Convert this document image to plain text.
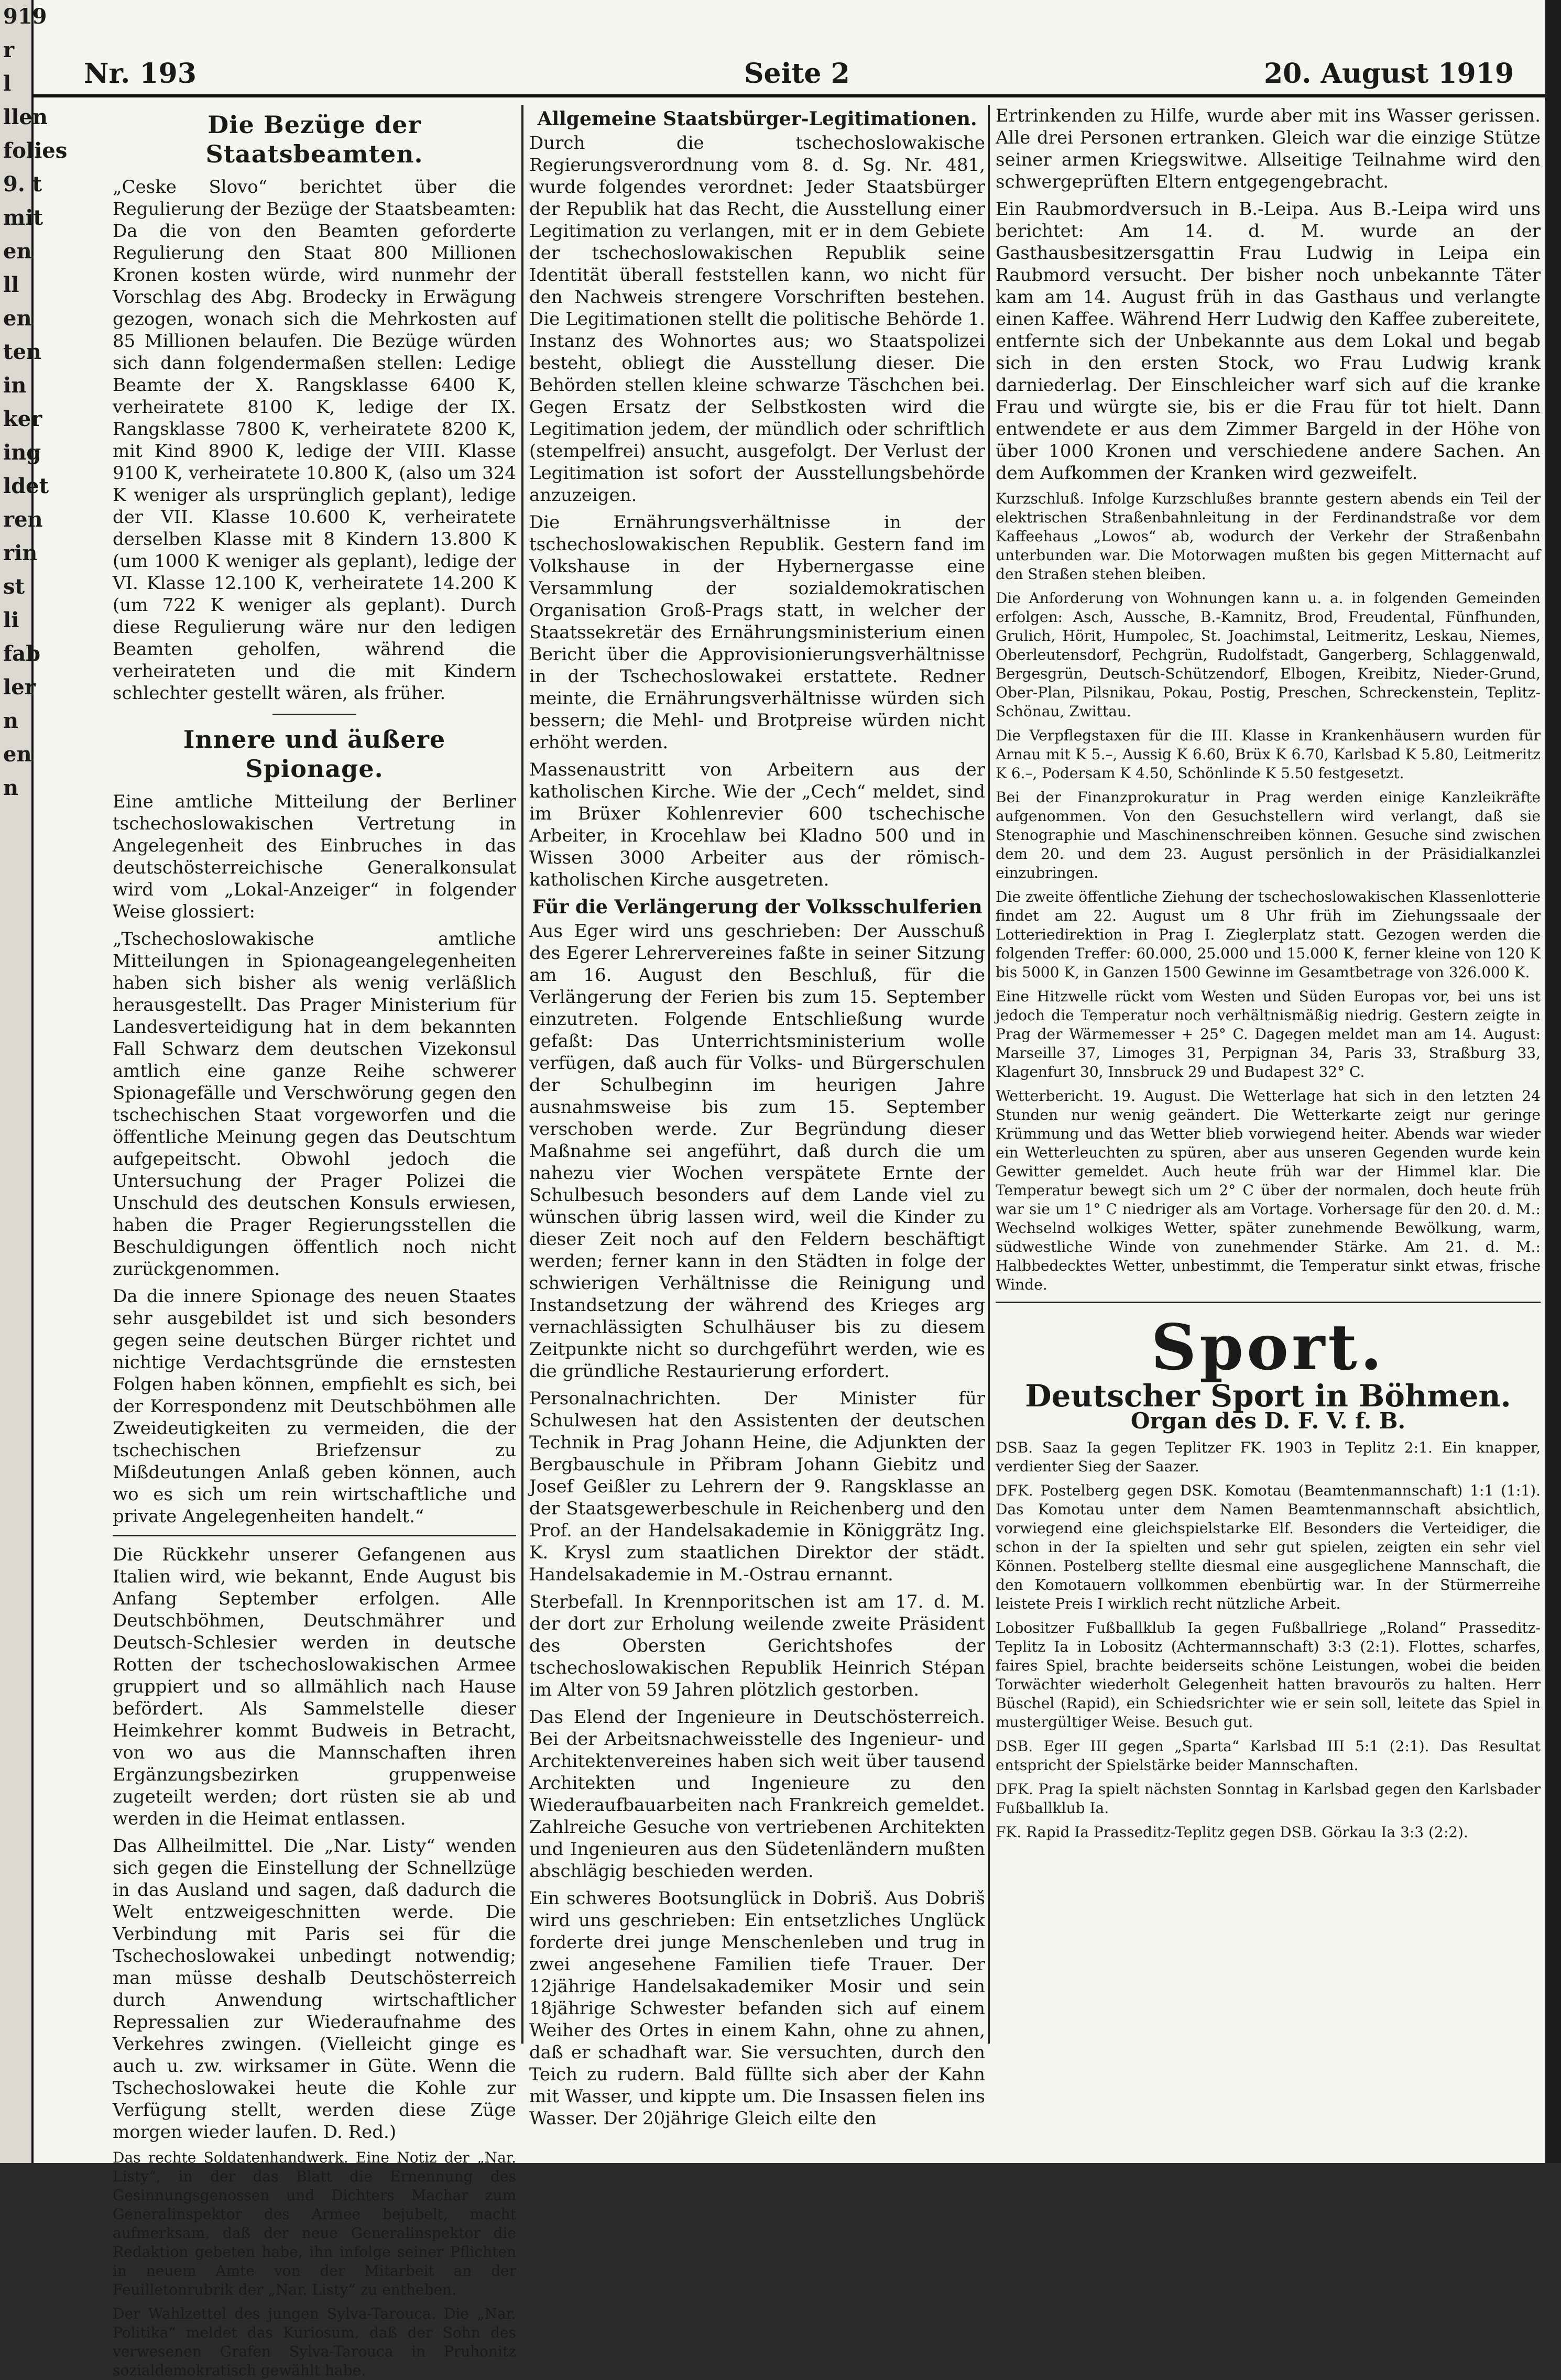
919
r
l
llen
folies
9. t
mit
en
ll
en
ten
in
ker
ing
ldet
ren
rin
st
li
fab
ler
n
en
n
Nr. 193	Seite 2	20. August 1919
Die Bezüge der Staatsbeamten.

„Ceske Slovo“ berichtet über die Regulierung der Bezüge der Staatsbeamten: Da die von den Beamten geforderte Regulierung den Staat 800 Millionen Kronen kosten würde, wird nunmehr der Vorschlag des Abg. Brodecky in Erwägung gezogen, wonach sich die Mehrkosten auf 85 Millionen belaufen. Die Bezüge würden sich dann folgendermaßen stellen: Ledige Beamte der X. Rangsklasse 6400 K, verheiratete 8100 K, ledige der IX. Rangsklasse 7800 K, verheiratete 8200 K, mit Kind 8900 K, ledige der VIII. Klasse 9100 K, verheiratete 10.800 K, (also um 324 K weniger als ursprünglich geplant), ledige der VII. Klasse 10.600 K, verheiratete derselben Klasse mit 8 Kindern 13.800 K (um 1000 K weniger als geplant), ledige der VI. Klasse 12.100 K, verheiratete 14.200 K (um 722 K weniger als geplant). Durch diese Regulierung wäre nur den ledigen Beamten geholfen, während die verheirateten und die mit Kindern schlechter gestellt wären, als früher.

Innere und äußere Spionage.

Eine amtliche Mitteilung der Berliner tschechoslowakischen Vertretung in Angelegenheit des Einbruches in das deutschösterreichische Generalkonsulat wird vom „Lokal-Anzeiger“ in folgender Weise glossiert:

„Tschechoslowakische amtliche Mitteilungen in Spionageangelegenheiten haben sich bisher als wenig verläßlich herausgestellt. Das Prager Ministerium für Landesverteidigung hat in dem bekannten Fall Schwarz dem deutschen Vizekonsul amtlich eine ganze Reihe schwerer Spionagefälle und Verschwörung gegen den tschechischen Staat vorgeworfen und die öffentliche Meinung gegen das Deutschtum aufgepeitscht. Obwohl jedoch die Untersuchung der Prager Polizei die Unschuld des deutschen Konsuls erwiesen, haben die Prager Regierungsstellen die Beschuldigungen öffentlich noch nicht zurückgenommen.

Da die innere Spionage des neuen Staates sehr ausgebildet ist und sich besonders gegen seine deutschen Bürger richtet und nichtige Verdachtsgründe die ernstesten Folgen haben können, empfiehlt es sich, bei der Korrespondenz mit Deutschböhmen alle Zweideutigkeiten zu vermeiden, die der tschechischen Briefzensur zu Mißdeutungen Anlaß geben können, auch wo es sich um rein wirtschaftliche und private Angelegenheiten handelt.“

Die Rückkehr unserer Gefangenen aus Italien wird, wie bekannt, Ende August bis Anfang September erfolgen. Alle Deutschböhmen, Deutschmährer und Deutsch-Schlesier werden in deutsche Rotten der tschechoslowakischen Armee gruppiert und so allmählich nach Hause befördert. Als Sammelstelle dieser Heimkehrer kommt Budweis in Betracht, von wo aus die Mannschaften ihren Ergänzungsbezirken gruppenweise zugeteilt werden; dort rüsten sie ab und werden in die Heimat entlassen.

Das Allheilmittel. Die „Nar. Listy“ wenden sich gegen die Einstellung der Schnellzüge in das Ausland und sagen, daß dadurch die Welt entzweigeschnitten werde. Die Verbindung mit Paris sei für die Tschechoslowakei unbedingt notwendig; man müsse deshalb Deutschösterreich durch Anwendung wirtschaftlicher Repressalien zur Wiederaufnahme des Verkehres zwingen. (Vielleicht ginge es auch u. zw. wirksamer in Güte. Wenn die Tschechoslowakei heute die Kohle zur Verfügung stellt, werden diese Züge morgen wieder laufen. D. Red.)

Das rechte Soldatenhandwerk. Eine Notiz der „Nar. Listy“, in der das Blatt die Ernennung des Gesinnungsgenossen und Dichters Machar zum Generalinspektor des Armee bejubelt, macht aufmerksam, daß der neue Generalinspektor die Redaktion gebeten habe, ihn infolge seiner Pflichten in neuem Amte von der Mitarbeit an der Feuilletonrubrik der „Nar. Listy“ zu entheben.

Der Wahlzettel des jungen Sylva-Tarouca. Die „Nar. Politika“ meldet das Kuriosum, daß der Sohn des verwesenen Grafen Sylva-Tarouca in Pruhonitz sozialdemokratisch gewählt habe.

Allgemeine Staatsbürger-Legitimationen.

Durch die tschechoslowakische Regierungsverordnung vom 8. d. Sg. Nr. 481, wurde folgendes verordnet: Jeder Staatsbürger der Republik hat das Recht, die Ausstellung einer Legitimation zu verlangen, mit er in dem Gebiete der tschechoslowakischen Republik seine Identität überall feststellen kann, wo nicht für den Nachweis strengere Vorschriften bestehen. Die Legitimationen stellt die politische Behörde 1. Instanz des Wohnortes aus; wo Staatspolizei besteht, obliegt die Ausstellung dieser. Die Behörden stellen kleine schwarze Täschchen bei. Gegen Ersatz der Selbstkosten wird die Legitimation jedem, der mündlich oder schriftlich (stempelfrei) ansucht, ausgefolgt. Der Verlust der Legitimation ist sofort der Ausstellungsbehörde anzuzeigen.

Die Ernährungsverhältnisse in der tschechoslowakischen Republik. Gestern fand im Volkshause in der Hybernergasse eine Versammlung der sozialdemokratischen Organisation Groß-Prags statt, in welcher der Staatssekretär des Ernährungsministerium einen Bericht über die Approvisionierungsverhältnisse in der Tschechoslowakei erstattete. Redner meinte, die Ernährungsverhältnisse würden sich bessern; die Mehl- und Brotpreise würden nicht erhöht werden.

Massenaustritt von Arbeitern aus der katholischen Kirche. Wie der „Cech“ meldet, sind im Brüxer Kohlenrevier 600 tschechische Arbeiter, in Krocehlaw bei Kladno 500 und in Wissen 3000 Arbeiter aus der römisch-katholischen Kirche ausgetreten.

Für die Verlängerung der Volksschulferien

Aus Eger wird uns geschrieben: Der Ausschuß des Egerer Lehrervereines faßte in seiner Sitzung am 16. August den Beschluß, für die Verlängerung der Ferien bis zum 15. September einzutreten. Folgende Entschließung wurde gefaßt: Das Unterrichtsministerium wolle verfügen, daß auch für Volks- und Bürgerschulen der Schulbeginn im heurigen Jahre ausnahmsweise bis zum 15. September verschoben werde. Zur Begründung dieser Maßnahme sei angeführt, daß durch die um nahezu vier Wochen verspätete Ernte der Schulbesuch besonders auf dem Lande viel zu wünschen übrig lassen wird, weil die Kinder zu dieser Zeit noch auf den Feldern beschäftigt werden; ferner kann in den Städten in folge der schwierigen Verhältnisse die Reinigung und Instandsetzung der während des Krieges arg vernachlässigten Schulhäuser bis zu diesem Zeitpunkte nicht so durchgeführt werden, wie es die gründliche Restaurierung erfordert.

Personalnachrichten. Der Minister für Schulwesen hat den Assistenten der deutschen Technik in Prag Johann Heine, die Adjunkten der Bergbauschule in Přibram Johann Giebitz und Josef Geißler zu Lehrern der 9. Rangsklasse an der Staatsgewerbeschule in Reichenberg und den Prof. an der Handelsakademie in Königgrätz Ing. K. Krysl zum staatlichen Direktor der städt. Handelsakademie in M.-Ostrau ernannt.

Sterbefall. In Krennporitschen ist am 17. d. M. der dort zur Erholung weilende zweite Präsident des Obersten Gerichtshofes der tschechoslowakischen Republik Heinrich Stépan im Alter von 59 Jahren plötzlich gestorben.

Das Elend der Ingenieure in Deutschösterreich. Bei der Arbeitsnachweisstelle des Ingenieur- und Architektenvereines haben sich weit über tausend Architekten und Ingenieure zu den Wiederaufbauarbeiten nach Frankreich gemeldet. Zahlreiche Gesuche von vertriebenen Architekten und Ingenieuren aus den Südetenländern mußten abschlägig beschieden werden.

Ein schweres Bootsunglück in Dobriš. Aus Dobriš wird uns geschrieben: Ein entsetzliches Unglück forderte drei junge Menschenleben und trug in zwei angesehene Familien tiefe Trauer. Der 12jährige Handelsakademiker Mosir und sein 18jährige Schwester befanden sich auf einem Weiher des Ortes in einem Kahn, ohne zu ahnen, daß er schadhaft war. Sie versuchten, durch den Teich zu rudern. Bald füllte sich aber der Kahn mit Wasser, und kippte um. Die Insassen fielen ins Wasser. Der 20jährige Gleich eilte den

Ertrinkenden zu Hilfe, wurde aber mit ins Wasser gerissen. Alle drei Personen ertranken. Gleich war die einzige Stütze seiner armen Kriegswitwe. Allseitige Teilnahme wird den schwergeprüften Eltern entgegengebracht.

Ein Raubmordversuch in B.-Leipa. Aus B.-Leipa wird uns berichtet: Am 14. d. M. wurde an der Gasthausbesitzersgattin Frau Ludwig in Leipa ein Raubmord versucht. Der bisher noch unbekannte Täter kam am 14. August früh in das Gasthaus und verlangte einen Kaffee. Während Herr Ludwig den Kaffee zubereitete, entfernte sich der Unbekannte aus dem Lokal und begab sich in den ersten Stock, wo Frau Ludwig krank darniederlag. Der Einschleicher warf sich auf die kranke Frau und würgte sie, bis er die Frau für tot hielt. Dann entwendete er aus dem Zimmer Bargeld in der Höhe von über 1000 Kronen und verschiedene andere Sachen. An dem Aufkommen der Kranken wird gezweifelt.

Kurzschluß. Infolge Kurzschlußes brannte gestern abends ein Teil der elektrischen Straßenbahnleitung in der Ferdinandstraße vor dem Kaffeehaus „Lowos“ ab, wodurch der Verkehr der Straßenbahn unterbunden war. Die Motorwagen mußten bis gegen Mitternacht auf den Straßen stehen bleiben.

Die Anforderung von Wohnungen kann u. a. in folgenden Gemeinden erfolgen: Asch, Aussche, B.-Kamnitz, Brod, Freudental, Fünfhunden, Grulich, Hörit, Humpolec, St. Joachimstal, Leitmeritz, Leskau, Niemes, Oberleutensdorf, Pechgrün, Rudolfstadt, Gangerberg, Schlaggenwald, Bergesgrün, Deutsch-Schützendorf, Elbogen, Kreibitz, Nieder-Grund, Ober-Plan, Pilsnikau, Pokau, Postig, Preschen, Schreckenstein, Teplitz-Schönau, Zwittau.

Die Verpflegstaxen für die III. Klasse in Krankenhäusern wurden für Arnau mit K 5.–, Aussig K 6.60, Brüx K 6.70, Karlsbad K 5.80, Leitmeritz K 6.–, Podersam K 4.50, Schönlinde K 5.50 festgesetzt.

Bei der Finanzprokuratur in Prag werden einige Kanzleikräfte aufgenommen. Von den Gesuchstellern wird verlangt, daß sie Stenographie und Maschinenschreiben können. Gesuche sind zwischen dem 20. und dem 23. August persönlich in der Präsidialkanzlei einzubringen.

Die zweite öffentliche Ziehung der tschechoslowakischen Klassenlotterie findet am 22. August um 8 Uhr früh im Ziehungssaale der Lotteriedirektion in Prag I. Zieglerplatz statt. Gezogen werden die folgenden Treffer: 60.000, 25.000 und 15.000 K, ferner kleine von 120 K bis 5000 K, in Ganzen 1500 Gewinne im Gesamtbetrage von 326.000 K.

Eine Hitzwelle rückt vom Westen und Süden Europas vor, bei uns ist jedoch die Temperatur noch verhältnismäßig niedrig. Gestern zeigte in Prag der Wärmemesser + 25° C. Dagegen meldet man am 14. August: Marseille 37, Limoges 31, Perpignan 34, Paris 33, Straßburg 33, Klagenfurt 30, Innsbruck 29 und Budapest 32° C.

Wetterbericht. 19. August. Die Wetterlage hat sich in den letzten 24 Stunden nur wenig geändert. Die Wetterkarte zeigt nur geringe Krümmung und das Wetter blieb vorwiegend heiter. Abends war wieder ein Wetterleuchten zu spüren, aber aus unseren Gegenden wurde kein Gewitter gemeldet. Auch heute früh war der Himmel klar. Die Temperatur bewegt sich um 2° C über der normalen, doch heute früh war sie um 1° C niedriger als am Vortage. Vorhersage für den 20. d. M.: Wechselnd wolkiges Wetter, später zunehmende Bewölkung, warm, südwestliche Winde von zunehmender Stärke. Am 21. d. M.: Halbbedecktes Wetter, unbestimmt, die Temperatur sinkt etwas, frische Winde.

Sport.
Deutscher Sport in Böhmen.
Organ des D. F. V. f. B.

DSB. Saaz Ia gegen Teplitzer FK. 1903 in Teplitz 2:1. Ein knapper, verdienter Sieg der Saazer.

DFK. Postelberg gegen DSK. Komotau (Beamtenmannschaft) 1:1 (1:1). Das Komotau unter dem Namen Beamtenmannschaft absichtlich, vorwiegend eine gleichspielstarke Elf. Besonders die Verteidiger, die schon in der Ia spielten und sehr gut spielen, zeigten ein sehr viel Können. Postelberg stellte diesmal eine ausgeglichene Mannschaft, die den Komotauern vollkommen ebenbürtig war. In der Stürmerreihe leistete Preis I wirklich recht nützliche Arbeit.

Lobositzer Fußballklub Ia gegen Fußballriege „Roland“ Prasseditz-Teplitz Ia in Lobositz (Achtermannschaft) 3:3 (2:1). Flottes, scharfes, faires Spiel, brachte beiderseits schöne Leistungen, wobei die beiden Torwächter wiederholt Gelegenheit hatten bravourös zu halten. Herr Büschel (Rapid), ein Schiedsrichter wie er sein soll, leitete das Spiel in mustergültiger Weise. Besuch gut.

DSB. Eger III gegen „Sparta“ Karlsbad III 5:1 (2:1). Das Resultat entspricht der Spielstärke beider Mannschaften.

DFK. Prag Ia spielt nächsten Sonntag in Karlsbad gegen den Karlsbader Fußballklub Ia.

FK. Rapid Ia Prasseditz-Teplitz gegen DSB. Görkau Ia 3:3 (2:2).
